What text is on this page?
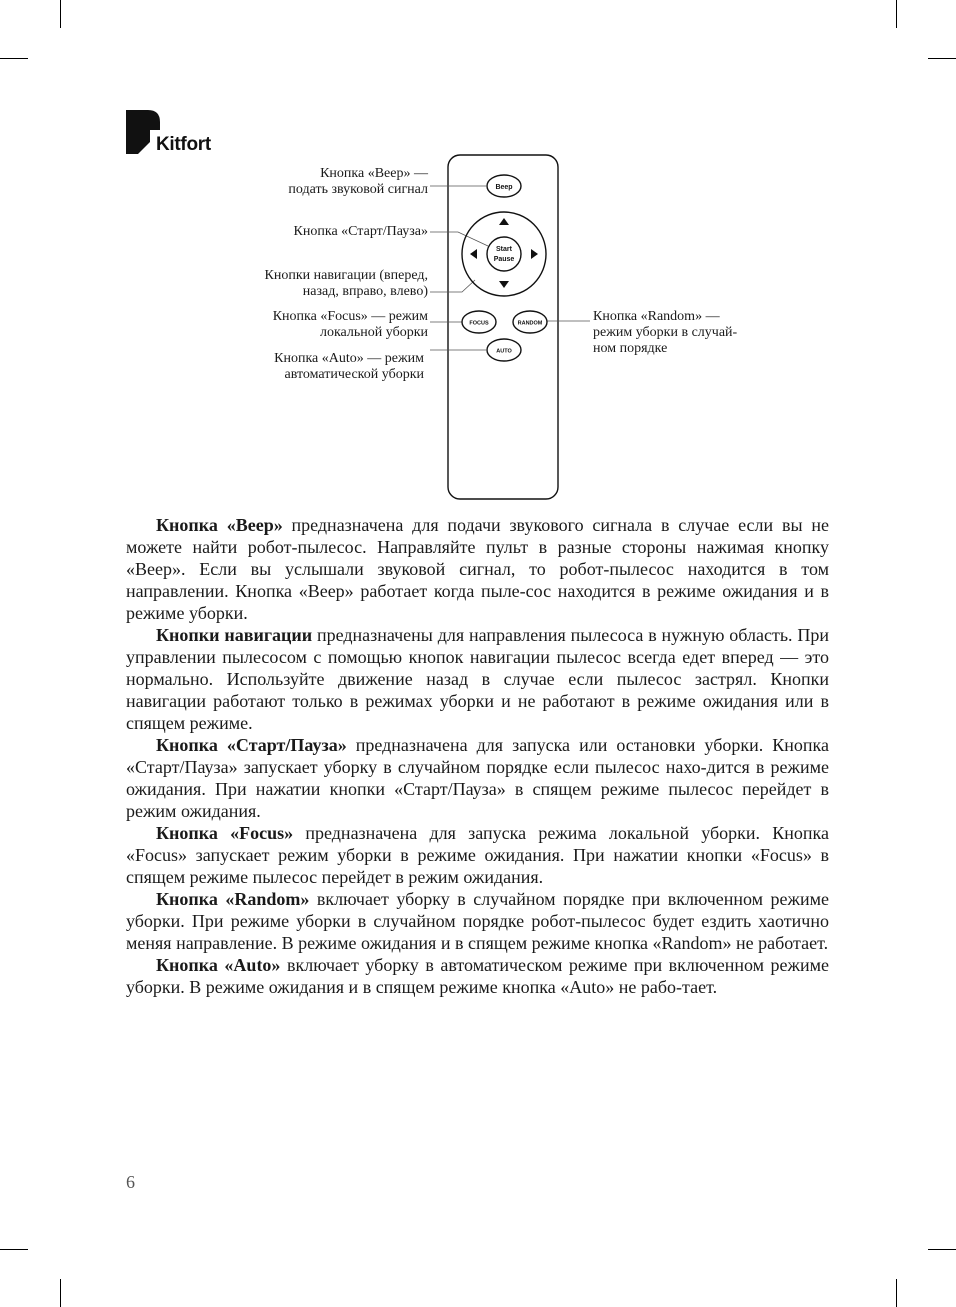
Kitfort
Beep
Start
Pause
FOCUS	RANDOM
AUTO
Кнопка «Beep» —
подать звуковой сигнал
Кнопка «Старт/Пауза»
Кнопки навигации (вперед,
назад, вправо, влево)
Кнопка «Focus» — режим
локальной уборки
Кнопка «Auto» — режим
автоматической уборки
Кнопка «Random» —
режим уборки в случай-
ном порядке

Кнопка «Beep» предназначена для подачи звукового сигнала в случае если вы не можете найти робот-пылесос. Направляйте пульт в разные стороны нажимая кнопку «Beep». Если вы услышали звуковой сигнал, то робот-пылесос находится в том направлении. Кнопка «Beep» работает когда пыле-сос находится в режиме ожидания и в режиме уборки.

Кнопки навигации предназначены для направления пылесоса в нужную область. При управлении пылесосом с помощью кнопок навигации пылесос всегда едет вперед — это нормально. Используйте движение назад в случае если пылесос застрял. Кнопки навигации работают только в режимах уборки и не работают в режиме ожидания или в спящем режиме.

Кнопка «Старт/Пауза» предназначена для запуска или остановки уборки. Кнопка «Старт/Пауза» запускает уборку в случайном порядке если пылесос нахо-дится в режиме ожидания. При нажатии кнопки «Старт/Пауза» в спящем режиме пылесос перейдет в режим ожидания.

Кнопка «Focus» предназначена для запуска режима локальной уборки. Кнопка «Focus» запускает режим уборки в режиме ожидания. При нажатии кнопки «Focus» в спящем режиме пылесос перейдет в режим ожидания.

Кнопка «Random» включает уборку в случайном порядке при включенном режиме уборки. При режиме уборки в случайном порядке робот-пылесос будет ездить хаотично меняя направление. В режиме ожидания и в спящем режиме кнопка «Random» не работает.

Кнопка «Auto» включает уборку в автоматическом режиме при включенном режиме уборки. В режиме ожидания и в спящем режиме кнопка «Auto» не рабо-тает.

6
